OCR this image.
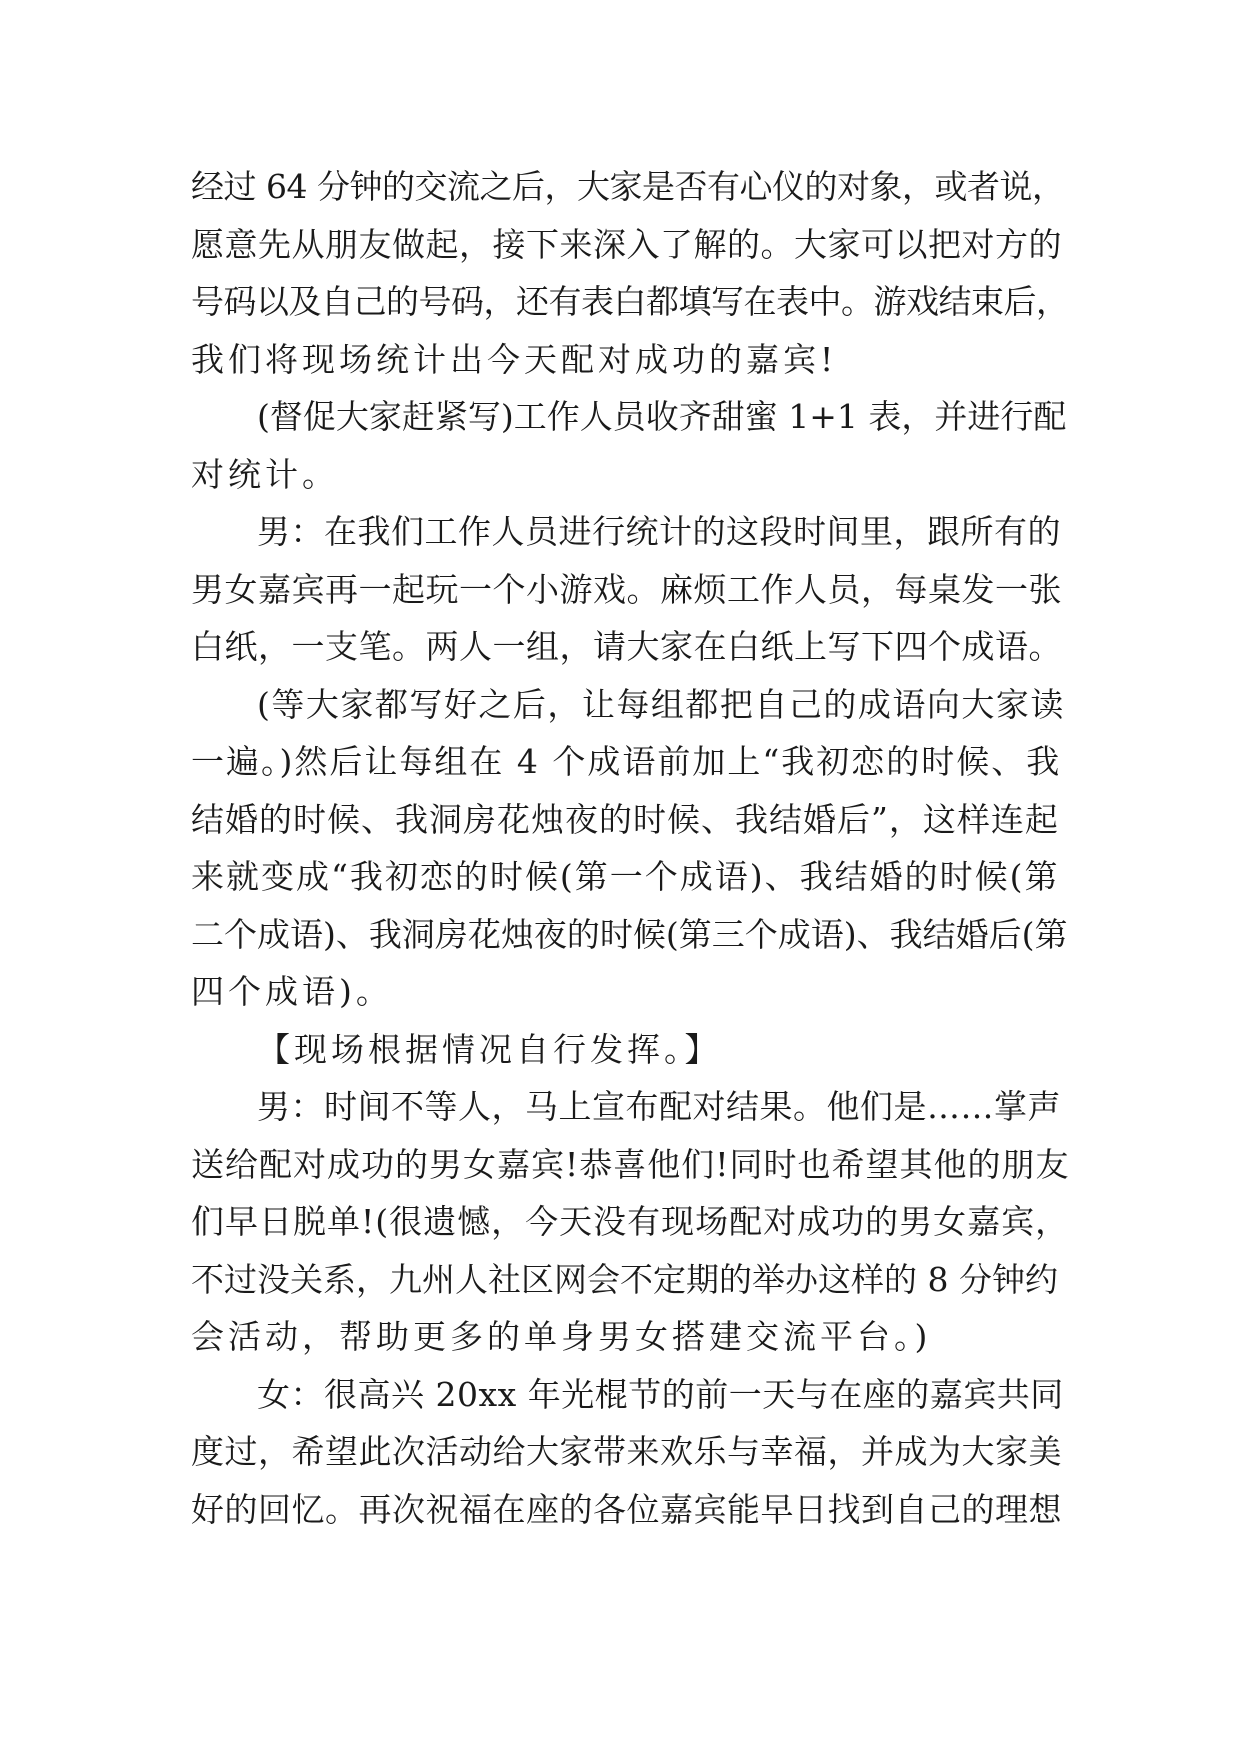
经过 64 分钟的交流之后，大家是否有心仪的对象，或者说，
愿意先从朋友做起，接下来深入了解的。大家可以把对方的
号码以及自己的号码，还有表白都填写在表中。游戏结束后，
我们将现场统计出今天配对成功的嘉宾!
(督促大家赶紧写)工作人员收齐甜蜜 1+1 表，并进行配
对统计。
男：在我们工作人员进行统计的这段时间里，跟所有的
男女嘉宾再一起玩一个小游戏。麻烦工作人员，每桌发一张
白纸，一支笔。两人一组，请大家在白纸上写下四个成语。
(等大家都写好之后，让每组都把自己的成语向大家读
一遍。)然后让每组在 4 个成语前加上“我初恋的时候、我
结婚的时候、我洞房花烛夜的时候、我结婚后”，这样连起
来就变成“我初恋的时候(第一个成语)、我结婚的时候(第
二个成语)、我洞房花烛夜的时候(第三个成语)、我结婚后(第
四个成语)。
【现场根据情况自行发挥。】
男：时间不等人，马上宣布配对结果。他们是……掌声
送给配对成功的男女嘉宾!恭喜他们!同时也希望其他的朋友
们早日脱单!(很遗憾，今天没有现场配对成功的男女嘉宾，
不过没关系，九州人社区网会不定期的举办这样的 8 分钟约
会活动，帮助更多的单身男女搭建交流平台。)
女：很高兴 20xx 年光棍节的前一天与在座的嘉宾共同
度过，希望此次活动给大家带来欢乐与幸福，并成为大家美
好的回忆。再次祝福在座的各位嘉宾能早日找到自己的理想
